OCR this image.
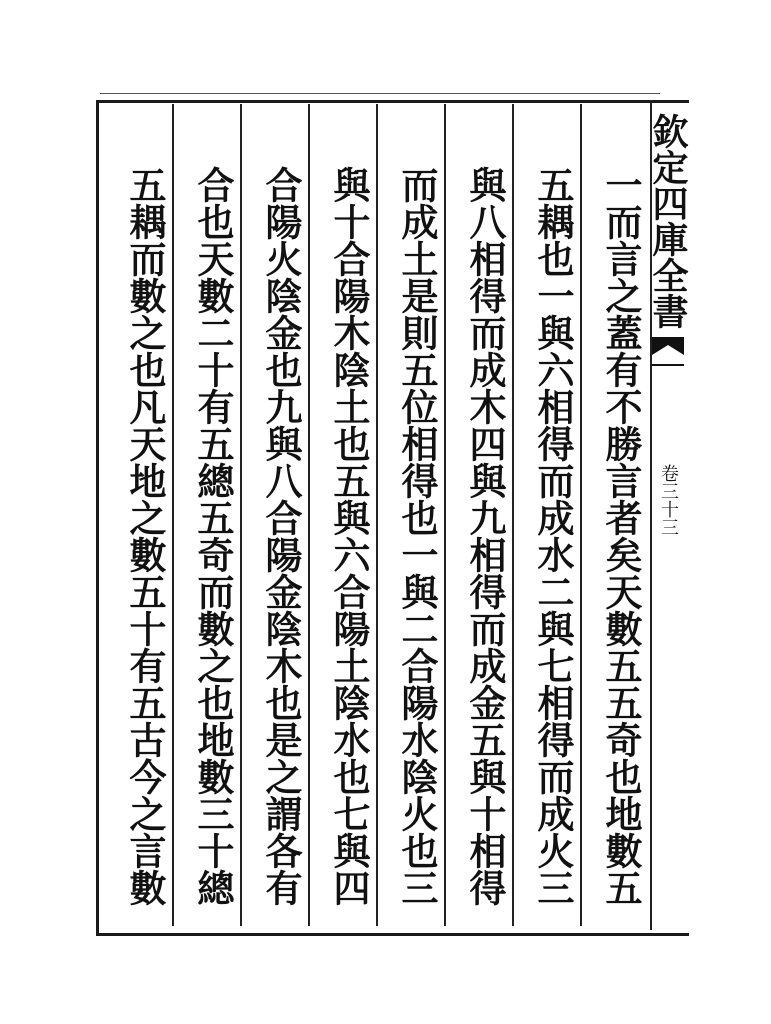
一而言之蓋有不勝言者矣天數五五奇也地數五
五耦也一與六相得而成水二與七相得而成火三
與八相得而成木四與九相得而成金五與十相得
而成土是則五位相得也一與二合陽水陰火也三
與十合陽木陰土也五與六合陽土陰水也七與四
合陽火陰金也九與八合陽金陰木也是之謂各有
合也天數二十有五總五奇而數之也地數三十總
五耦而數之也凡天地之數五十有五古今之言數	欽定四庫全書
卷三十三
